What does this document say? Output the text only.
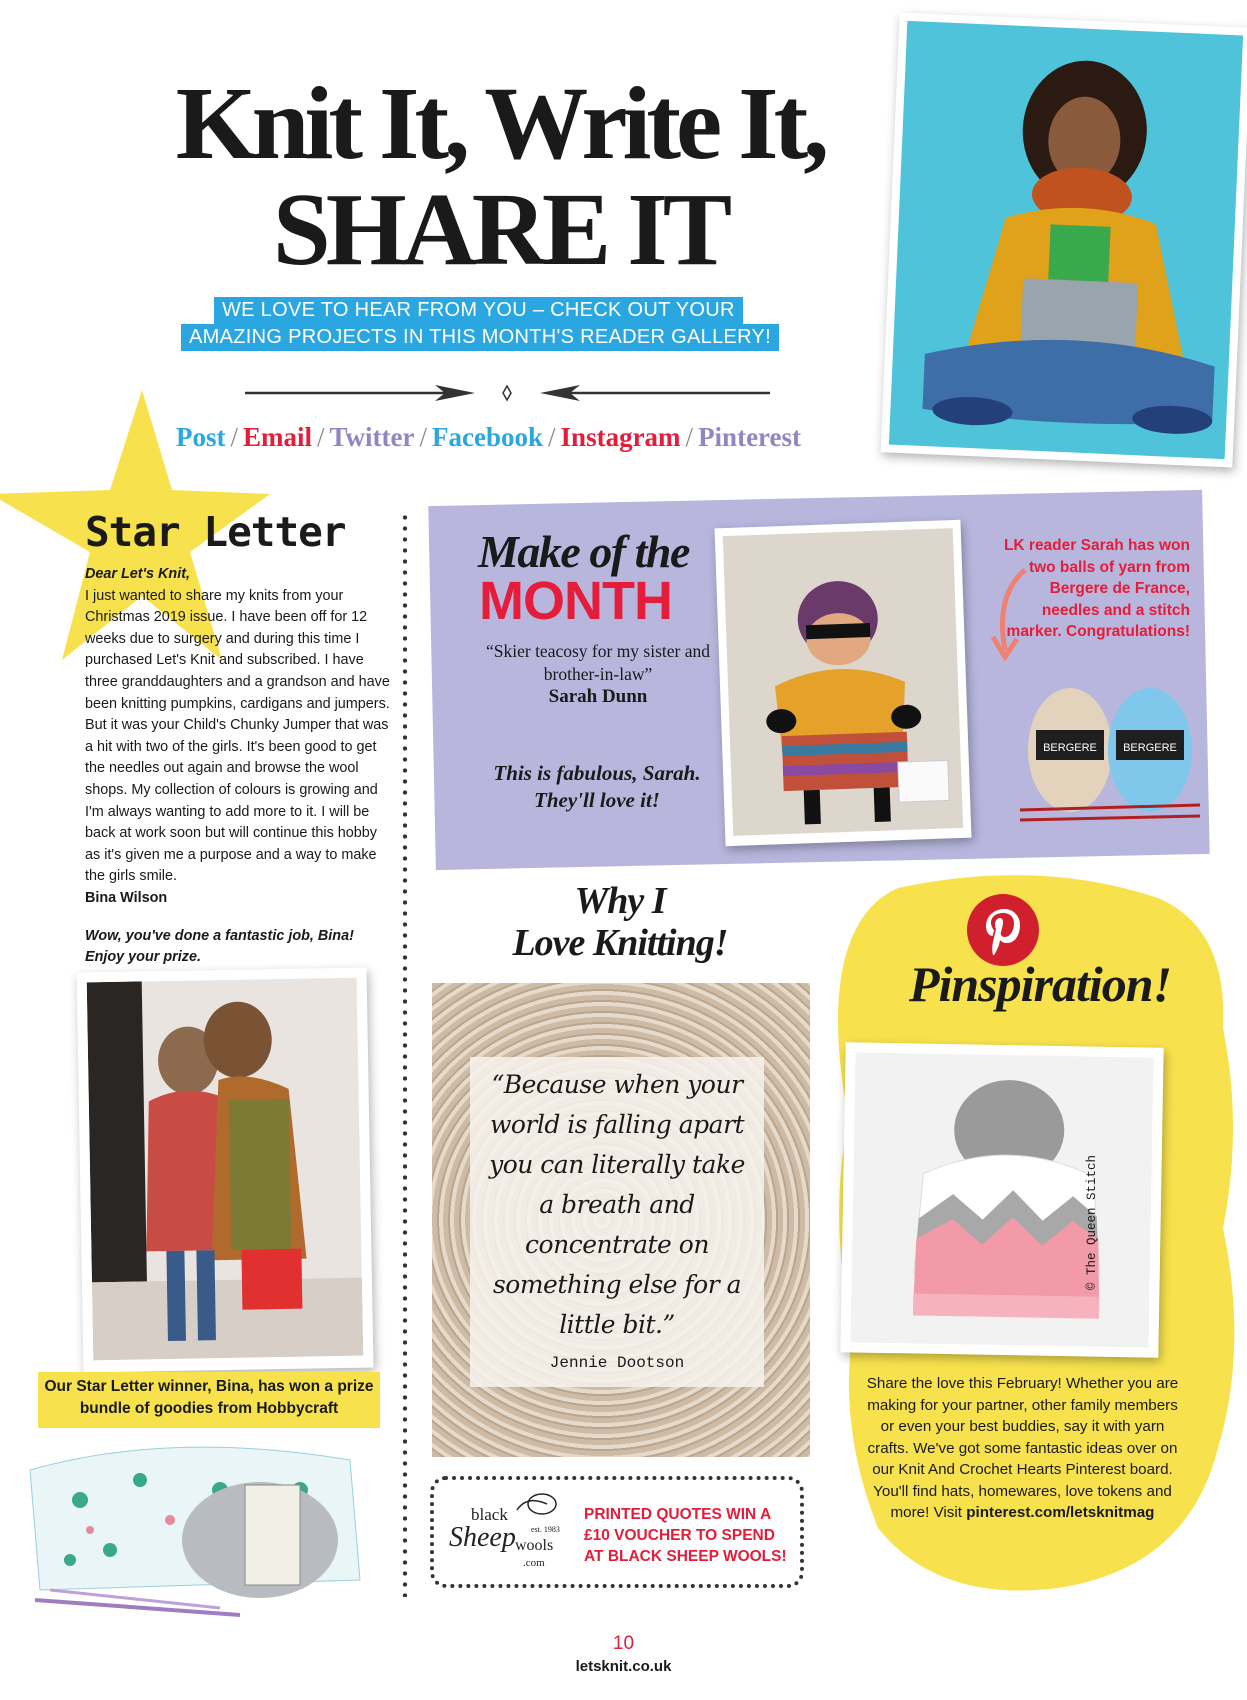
Knit It, Write It,
SHARE IT
WE LOVE TO HEAR FROM YOU – CHECK OUT YOUR
AMAZING PROJECTS IN THIS MONTH'S READER GALLERY!
Post / Email / Twitter / Facebook / Instagram / Pinterest
Star Letter
Dear Let's Knit,
I just wanted to share my knits from your Christmas 2019 issue. I have been off for 12 weeks due to surgery and during this time I purchased Let's Knit and subscribed. I have three granddaughters and a grandson and have been knitting pumpkins, cardigans and jumpers. But it was your Child's Chunky Jumper that was a hit with two of the girls. It's been good to get the needles out again and browse the wool shops. My collection of colours is growing and I'm always wanting to add more to it. I will be back at work soon but will continue this hobby as it's given me a purpose and a way to make the girls smile.
Bina Wilson
Wow, you've done a fantastic job, Bina! Enjoy your prize.
Our Star Letter winner, Bina, has won a prize bundle of goodies from Hobbycraft
Make of the
MONTH
“Skier teacosy for my sister and brother-in-law”
Sarah Dunn
This is fabulous, Sarah. They'll love it!
LK reader Sarah has won two balls of yarn from Bergere de France, needles and a stitch marker. Congratulations!
BERGERE BERGERE
Why I
Love Knitting!
“Because when your world is falling apart you can literally take a breath and concentrate on something else for a little bit.”
Jennie Dootson
black
Sheep wools
.com
est. 1983
PRINTED QUOTES WIN A £10 VOUCHER TO SPEND AT BLACK SHEEP WOOLS!
Pinspiration!
© The Queen Stitch
Share the love this February! Whether you are making for your partner, other family members or even your best buddies, say it with yarn crafts. We've got some fantastic ideas over on our Knit And Crochet Hearts Pinterest board. You'll find hats, homewares, love tokens and more! Visit pinterest.com/letsknitmag
10
letsknit.co.uk
